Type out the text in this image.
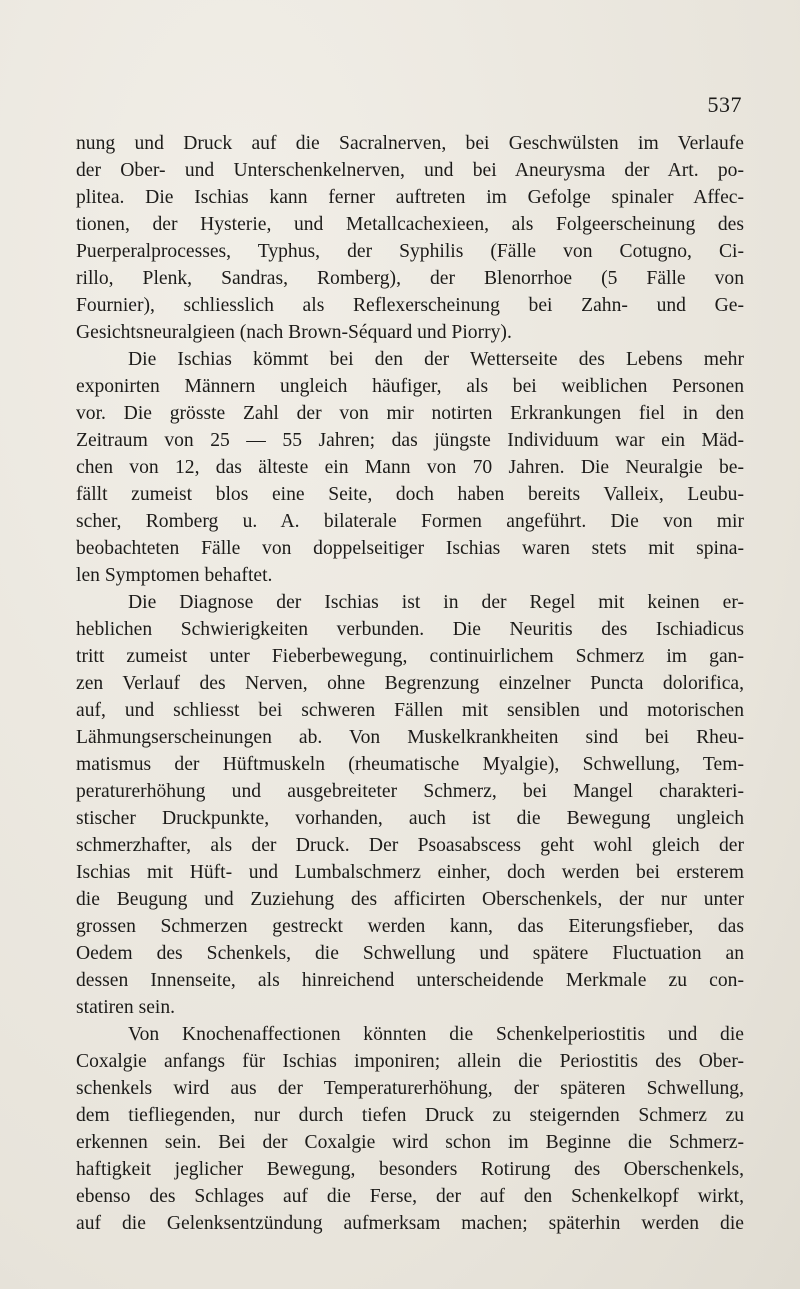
537
nung und Druck auf die Sacralnerven, bei Geschwülsten im Verlaufe
der Ober- und Unterschenkelnerven, und bei Aneurysma der Art. po-
plitea. Die Ischias kann ferner auftreten im Gefolge spinaler Affec-
tionen, der Hysterie, und Metallcachexieen, als Folgeerscheinung des
Puerperalprocesses, Typhus, der Syphilis (Fälle von Cotugno, Ci-
rillo, Plenk, Sandras, Romberg), der Blenorrhoe (5 Fälle von
Fournier), schliesslich als Reflexerscheinung bei Zahn- und Ge-
Gesichtsneuralgieen (nach Brown-Séquard und Piorry).
Die Ischias kömmt bei den der Wetterseite des Lebens mehr
exponirten Männern ungleich häufiger, als bei weiblichen Personen
vor. Die grösste Zahl der von mir notirten Erkrankungen fiel in den
Zeitraum von 25 — 55 Jahren; das jüngste Individuum war ein Mäd-
chen von 12, das älteste ein Mann von 70 Jahren. Die Neuralgie be-
fällt zumeist blos eine Seite, doch haben bereits Valleix, Leubu-
scher, Romberg u. A. bilaterale Formen angeführt. Die von mir
beobachteten Fälle von doppelseitiger Ischias waren stets mit spina-
len Symptomen behaftet.
Die Diagnose der Ischias ist in der Regel mit keinen er-
heblichen Schwierigkeiten verbunden. Die Neuritis des Ischiadicus
tritt zumeist unter Fieberbewegung, continuirlichem Schmerz im gan-
zen Verlauf des Nerven, ohne Begrenzung einzelner Puncta dolorifica,
auf, und schliesst bei schweren Fällen mit sensiblen und motorischen
Lähmungserscheinungen ab. Von Muskelkrankheiten sind bei Rheu-
matismus der Hüftmuskeln (rheumatische Myalgie), Schwellung, Tem-
peraturerhöhung und ausgebreiteter Schmerz, bei Mangel charakteri-
stischer Druckpunkte, vorhanden, auch ist die Bewegung ungleich
schmerzhafter, als der Druck. Der Psoasabscess geht wohl gleich der
Ischias mit Hüft- und Lumbalschmerz einher, doch werden bei ersterem
die Beugung und Zuziehung des afficirten Oberschenkels, der nur unter
grossen Schmerzen gestreckt werden kann, das Eiterungsfieber, das
Oedem des Schenkels, die Schwellung und spätere Fluctuation an
dessen Innenseite, als hinreichend unterscheidende Merkmale zu con-
statiren sein.
Von Knochenaffectionen könnten die Schenkelperiostitis und die
Coxalgie anfangs für Ischias imponiren; allein die Periostitis des Ober-
schenkels wird aus der Temperaturerhöhung, der späteren Schwellung,
dem tiefliegenden, nur durch tiefen Druck zu steigernden Schmerz zu
erkennen sein. Bei der Coxalgie wird schon im Beginne die Schmerz-
haftigkeit jeglicher Bewegung, besonders Rotirung des Oberschenkels,
ebenso des Schlages auf die Ferse, der auf den Schenkelkopf wirkt,
auf die Gelenksentzündung aufmerksam machen; späterhin werden die
